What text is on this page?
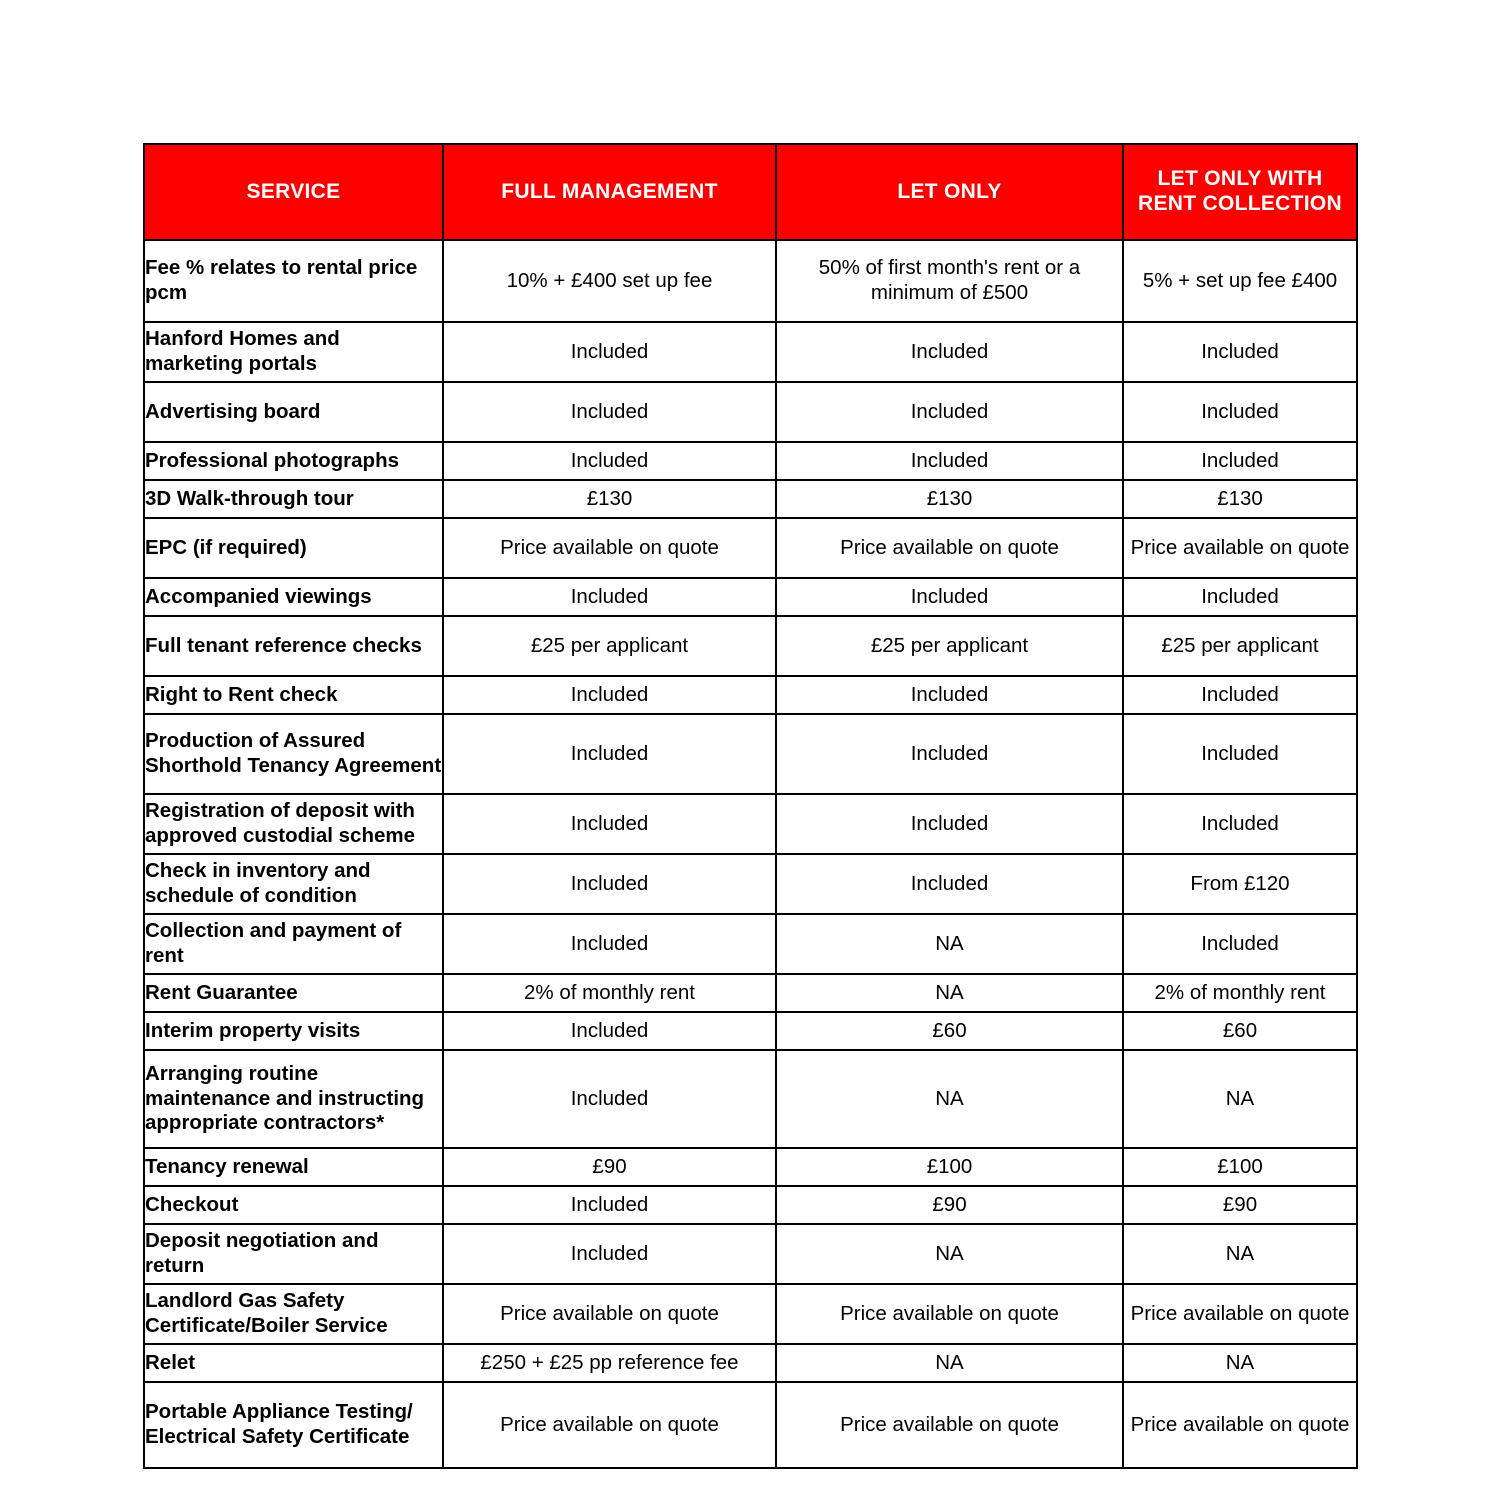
SERVICE	FULL MANAGEMENT	LET ONLY	LET ONLY WITH
RENT COLLECTION

Fee % relates to rental price pcm	10% + £400 set up fee	50% of first month's rent or a minimum of £500	5% + set up fee £400
Hanford Homes and marketing portals	Included	Included	Included
Advertising board	Included	Included	Included
Professional photographs	Included	Included	Included
3D Walk-through tour	£130	£130	£130
EPC (if required)	Price available on quote	Price available on quote	Price available on quote
Accompanied viewings	Included	Included	Included
Full tenant reference checks	£25 per applicant	£25 per applicant	£25 per applicant
Right to Rent check	Included	Included	Included
Production of Assured Shorthold Tenancy Agreement	Included	Included	Included
Registration of deposit with approved custodial scheme	Included	Included	Included
Check in inventory and schedule of condition	Included	Included	From £120
Collection and payment of rent	Included	NA	Included
Rent Guarantee	2% of monthly rent	NA	2% of monthly rent
Interim property visits	Included	£60	£60
Arranging routine maintenance and instructing appropriate contractors*	Included	NA	NA
Tenancy renewal	£90	£100	£100
Checkout	Included	£90	£90
Deposit negotiation and return	Included	NA	NA
Landlord Gas Safety Certificate/Boiler Service	Price available on quote	Price available on quote	Price available on quote
Relet	£250 + £25 pp reference fee	NA	NA
Portable Appliance Testing/ Electrical Safety Certificate	Price available on quote	Price available on quote	Price available on quote
